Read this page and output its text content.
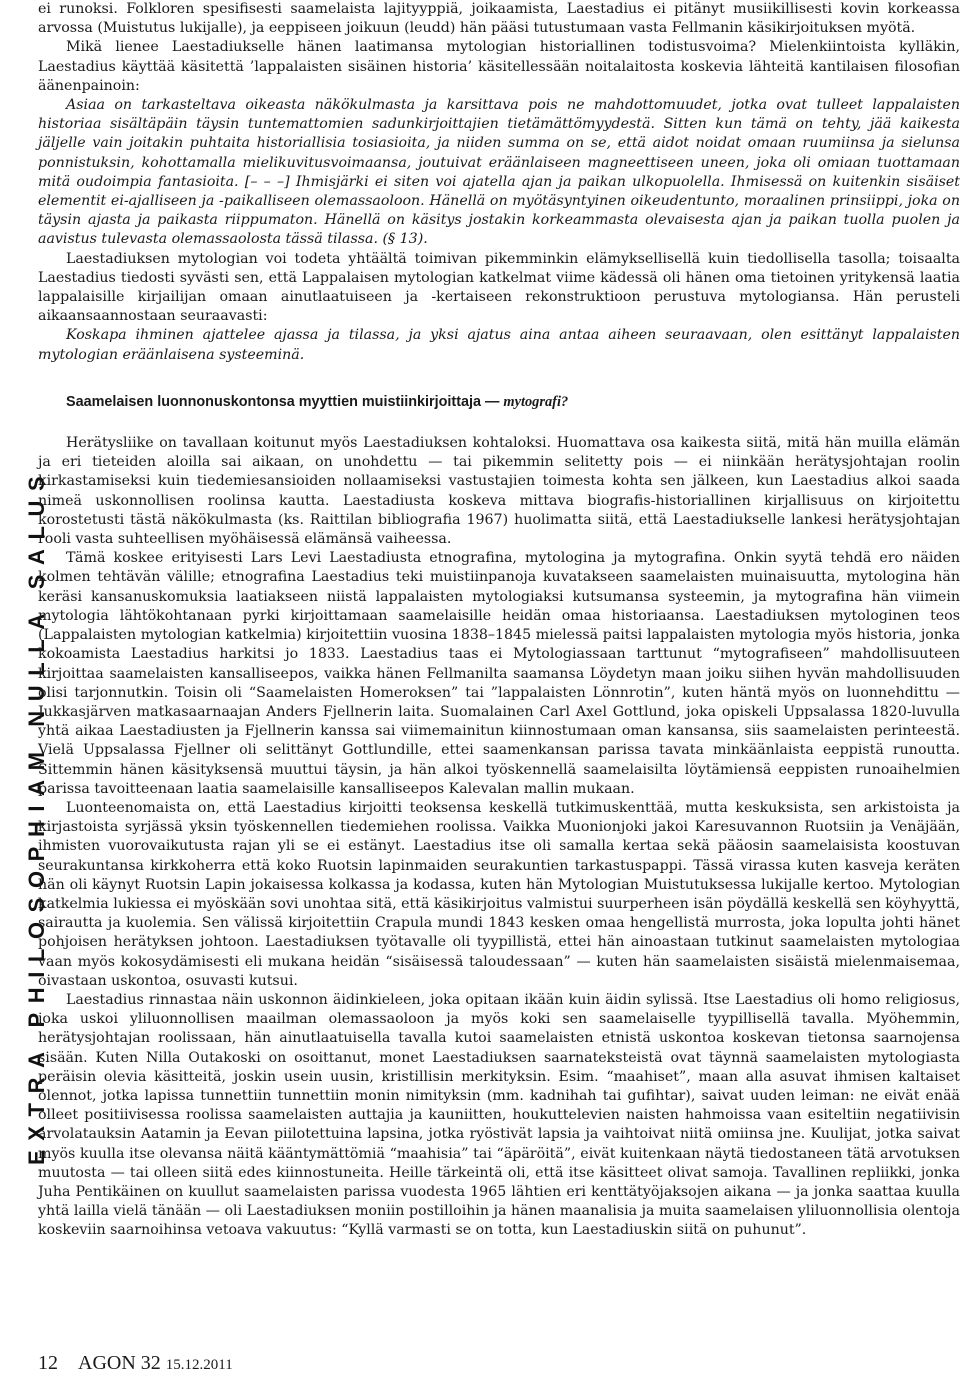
EXTRA PHILOSOPHIAM NULLA SALUS

ei runoksi. Folkloren spesifisesti saamelaista lajityyppiä, joikaamista, Laestadius ei pitänyt musiikillisesti kovin korkeassa arvossa (Muistutus lukijalle), ja eeppiseen joikuun (leudd) hän pääsi tutustumaan vasta Fellmanin käsikirjoituksen myötä.

Mikä lienee Laestadiukselle hänen laatimansa mytologian historiallinen todistusvoima? Mielenkiintoista kylläkin, Laestadius käyttää käsitettä ’lappalaisten sisäinen historia’ käsitellessään noitalaitosta koskevia lähteitä kantilaisen filosofian äänenpainoin:

Asiaa on tarkasteltava oikeasta näkökulmasta ja karsittava pois ne mahdottomuudet, jotka ovat tulleet lappalaisten historiaa sisältäpäin täysin tuntemattomien sadunkirjoittajien tietämättömyydestä. Sitten kun tämä on tehty, jää kaikesta jäljelle vain joitakin puhtaita historiallisia tosiasioita, ja niiden summa on se, että aidot noidat omaan ruumiinsa ja sielunsa ponnistuksin, kohottamalla mielikuvitusvoimaansa, joutuivat eräänlaiseen magneettiseen uneen, joka oli omiaan tuottamaan mitä oudoimpia fantasioita. [– – –] Ihmisjärki ei siten voi ajatella ajan ja paikan ulkopuolella. Ihmisessä on kuitenkin sisäiset elementit ei-ajalliseen ja -paikalliseen olemassaoloon. Hänellä on myötäsyntyinen oikeudentunto, moraalinen prinsiippi, joka on täysin ajasta ja paikasta riippumaton. Hänellä on käsitys jostakin korkeammasta olevaisesta ajan ja paikan tuolla puolen ja aavistus tulevasta olemassaolosta tässä tilassa. (§ 13).

Laestadiuksen mytologian voi todeta yhtäältä toimivan pikemminkin elämyksellisellä kuin tiedollisella tasolla; toisaalta Laestadius tiedosti syvästi sen, että Lappalaisen mytologian katkelmat viime kädessä oli hänen oma tietoinen yritykensä laatia lappalaisille kirjailijan omaan ainutlaatuiseen ja -kertaiseen rekonstruktioon perustuva mytologiansa. Hän perusteli aikaansaannostaan seuraavasti:

Koskapa ihminen ajattelee ajassa ja tilassa, ja yksi ajatus aina antaa aiheen seuraavaan, olen esittänyt lappalaisten mytologian eräänlaisena systeeminä.

Saamelaisen luonnonuskontonsa myyttien muistiinkirjoittaja — mytografi?

Herätysliike on tavallaan koitunut myös Laestadiuksen kohtaloksi. Huomattava osa kaikesta siitä, mitä hän muilla elämän ja eri tieteiden aloilla sai aikaan, on unohdettu — tai pikemmin selitetty pois — ei niinkään herätysjohtajan roolin kirkastamiseksi kuin tiedemiesansioiden nollaamiseksi vastustajien toimesta kohta sen jälkeen, kun Laestadius alkoi saada nimeä uskonnollisen roolinsa kautta. Laestadiusta koskeva mittava biografis-historiallinen kirjallisuus on kirjoitettu korostetusti tästä näkökulmasta (ks. Raittilan bibliografia 1967) huolimatta siitä, että Laestadiukselle lankesi herätysjohtajan rooli vasta suhteellisen myöhäisessä elämänsä vaiheessa.

Tämä koskee erityisesti Lars Levi Laestadiusta etnografina, mytologina ja mytografina. Onkin syytä tehdä ero näiden kolmen tehtävän välille; etnografina Laestadius teki muistiinpanoja kuvatakseen saamelaisten muinaisuutta, mytologina hän keräsi kansanuskomuksia laatiakseen niistä lappalaisten mytologiaksi kutsumansa systeemin, ja mytografina hän viimein mytologia lähtökohtanaan pyrki kirjoittamaan saamelaisille heidän omaa historiaansa. Laestadiuksen mytologinen teos (Lappalaisten mytologian katkelmia) kirjoitettiin vuosina 1838–1845 mielessä paitsi lappalaisten mytologia myös historia, jonka kokoamista Laestadius harkitsi jo 1833. Laestadius taas ei Mytologiassaan tarttunut “mytografiseen” mahdollisuuteen kirjoittaa saamelaisten kansalliseepos, vaikka hänen Fellmanilta saamansa Löydetyn maan joiku siihen hyvän mahdollisuuden olisi tarjonnutkin. Toisin oli “Saamelaisten Homeroksen” tai ”lappalaisten Lönnrotin”, kuten häntä myös on luonnehdittu — Jukkasjärven matkasaarnaajan Anders Fjellnerin laita. Suomalainen Carl Axel Gottlund, joka opiskeli Uppsalassa 1820-luvulla yhtä aikaa Laestadiusten ja Fjellnerin kanssa sai viimemainitun kiinnostumaan oman kansansa, siis saamelaisten perinteestä. Vielä Uppsalassa Fjellner oli selittänyt Gottlundille, ettei saamenkansan parissa tavata minkäänlaista eeppistä runoutta. Sittemmin hänen käsityksensä muuttui täysin, ja hän alkoi työskennellä saamelaisilta löytämiensä eeppisten runoaihelmien parissa tavoitteenaan laatia saamelaisille kansalliseepos Kalevalan mallin mukaan.

Luonteenomaista on, että Laestadius kirjoitti teoksensa keskellä tutkimuskenttää, mutta keskuksista, sen arkistoista ja kirjastoista syrjässä yksin työskennellen tiedemiehen roolissa. Vaikka Muonionjoki jakoi Karesuvannon Ruotsiin ja Venäjään, ihmisten vuorovaikutusta rajan yli se ei estänyt. Laestadius itse oli samalla kertaa sekä pääosin saamelaisista koostuvan seurakuntansa kirkkoherra että koko Ruotsin lapinmaiden seurakuntien tarkastuspappi. Tässä virassa kuten kasveja keräten hän oli käynyt Ruotsin Lapin jokaisessa kolkassa ja kodassa, kuten hän Mytologian Muistutuksessa lukijalle kertoo. Mytologian katkelmia lukiessa ei myöskään sovi unohtaa sitä, että käsikirjoitus valmistui suurperheen isän pöydällä keskellä sen köyhyyttä, sairautta ja kuolemia. Sen välissä kirjoitettiin Crapula mundi 1843 kesken omaa hengellistä murrosta, joka lopulta johti hänet pohjoisen herätyksen johtoon. Laestadiuksen työtavalle oli tyypillistä, ettei hän ainoastaan tutkinut saamelaisten mytologiaa vaan myös kokosydämisesti eli mukana heidän “sisäisessä taloudessaan” — kuten hän saamelaisten sisäistä mielenmaisemaa, oivastaan uskontoa, osuvasti kutsui.

Laestadius rinnastaa näin uskonnon äidinkieleen, joka opitaan ikään kuin äidin sylissä. Itse Laestadius oli homo religiosus, joka uskoi yliluonnollisen maailman olemassaoloon ja myös koki sen saamelaiselle tyypillisellä tavalla. Myöhemmin, herätysjohtajan roolissaan, hän ainutlaatuisella tavalla kutoi saamelaisten etnistä uskontoa koskevan tietonsa saarnojensa sisään. Kuten Nilla Outakoski on osoittanut, monet Laestadiuksen saarnateksteistä ovat täynnä saamelaisten mytologiasta peräisin olevia käsitteitä, joskin usein uusin, kristillisin merkityksin. Esim. “maahiset”, maan alla asuvat ihmisen kaltaiset olennot, jotka lapissa tunnettiin tunnettiin monin nimityksin (mm. kadnihah tai gufihtar), saivat uuden leiman: ne eivät enää olleet positiivisessa roolissa saamelaisten auttajia ja kauniitten, houkuttelevien naisten hahmoissa vaan esiteltiin negatiivisin arvolatauksin Aatamin ja Eevan piilotettuina lapsina, jotka ryöstivät lapsia ja vaihtoivat niitä omiinsa jne. Kuulijat, jotka saivat myös kuulla itse olevansa näitä kääntymättömiä “maahisia” tai “äpäröitä”, eivät kuitenkaan näytä tiedostaneen tätä arvotuksen muutosta — tai olleen siitä edes kiinnostuneita. Heille tärkeintä oli, että itse käsitteet olivat samoja. Tavallinen repliikki, jonka Juha Pentikäinen on kuullut saamelaisten parissa vuodesta 1965 lähtien eri kenttätyöjaksojen aikana — ja jonka saattaa kuulla yhtä lailla vielä tänään — oli Laestadiuksen moniin postilloihin ja hänen maanalisia ja muita saamelaisen yliluonnollisia olentoja koskeviin saarnoihinsa vetoava vakuutus: “Kyllä varmasti se on totta, kun Laestadiuskin siitä on puhunut”.

12 AGON 32 15.12.2011
